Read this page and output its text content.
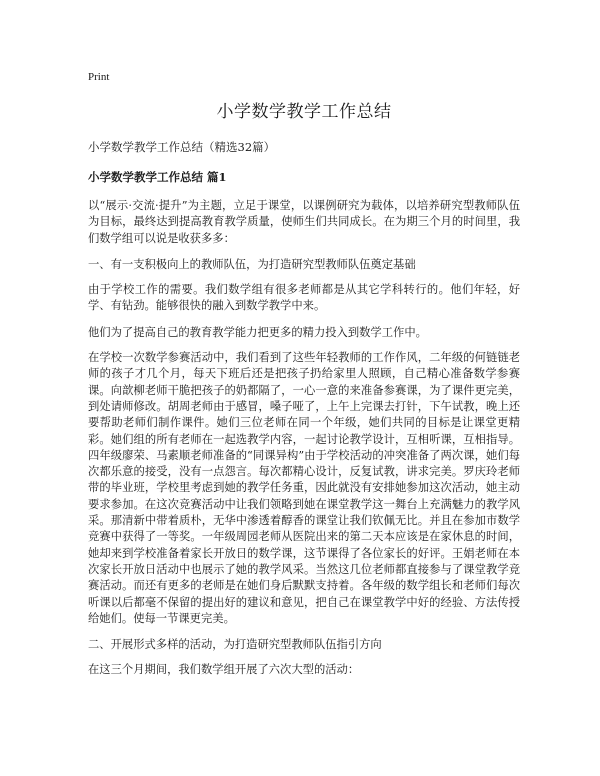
Print
小学数学教学工作总结
小学数学教学工作总结（精选32篇）
小学数学教学工作总结 篇1

以“展示·交流·提升”为主题，立足于课堂，以课例研究为载体，以培养研究型教师队伍为目标，最终达到提高教育教学质量，使师生们共同成长。在为期三个月的时间里，我们数学组可以说是收获多多：

一、有一支积极向上的教师队伍，为打造研究型教师队伍奠定基础

由于学校工作的需要。我们数学组有很多老师都是从其它学科转行的。他们年轻，好学、有钻劲。能够很快的融入到数学教学中来。

他们为了提高自己的教育教学能力把更多的精力投入到数学工作中。

在学校一次数学参赛活动中，我们看到了这些年轻教师的工作作风，二年级的何链链老师的孩子才几个月，每天下班后还是把孩子扔给家里人照顾，自己精心准备数学参赛课。向歆柳老师干脆把孩子的奶都隔了，一心一意的来准备参赛课，为了课件更完美，到处请师修改。胡周老师由于感冒，嗓子哑了，上午上完课去打针，下午试教，晚上还要帮助老师们制作课件。她们三位老师在同一个年级，她们共同的目标是让课堂更精彩。她们组的所有老师在一起选教学内容，一起讨论教学设计，互相听课，互相指导。四年级廖荣、马素顺老师准备的“同课异构”由于学校活动的冲突准备了两次课，她们每次都乐意的接受，没有一点怨言。每次都精心设计，反复试教，讲求完美。罗庆玲老师带的毕业班，学校里考虑到她的教学任务重，因此就没有安排她参加这次活动，她主动要求参加。在这次竞赛活动中让我们领略到她在课堂教学这一舞台上充满魅力的教学风采。那清新中带着质朴，无华中渗透着醇香的课堂让我们钦佩无比。并且在参加市数学竞赛中获得了一等奖。一年级周园老师从医院出来的第二天本应该是在家休息的时间，她却来到学校准备着家长开放日的数学课，这节课得了各位家长的好评。王娟老师在本次家长开放日活动中也展示了她的教学风采。当然这几位老师都直接参与了课堂教学竞赛活动。而还有更多的老师是在她们身后默默支持着。各年级的数学组长和老师们每次听课以后都毫不保留的提出好的建议和意见，把自己在课堂教学中好的经验、方法传授给她们。使每一节课更完美。

二、开展形式多样的活动，为打造研究型教师队伍指引方向

在这三个月期间，我们数学组开展了六次大型的活动：
